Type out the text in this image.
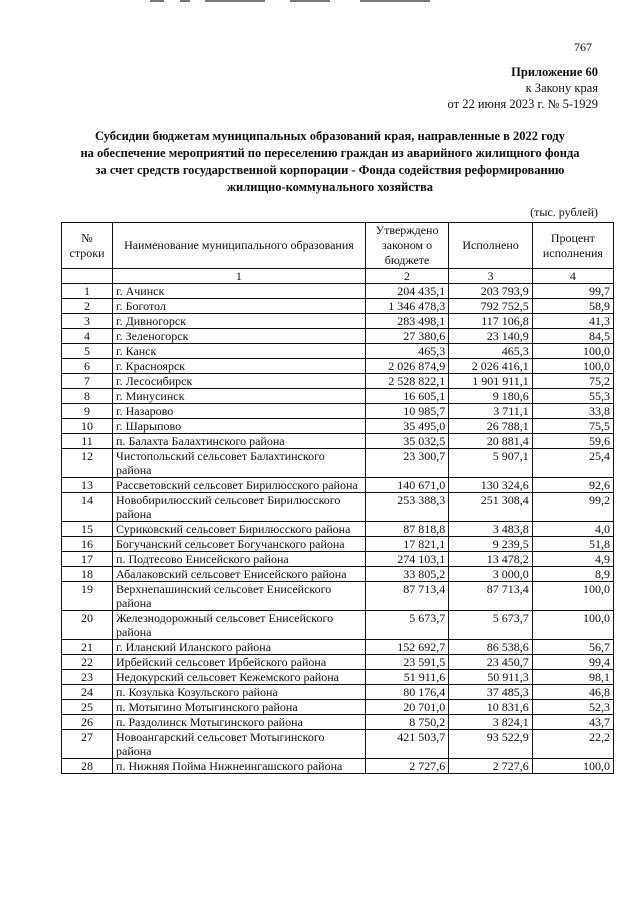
767
Приложение 60
к Закону края
от 22 июня 2023 г. № 5-1929
Субсидии бюджетам муниципальных образований края, направленные в 2022 году
на обеспечение мероприятий по переселению граждан из аварийного жилищного фонда
за счет средств государственной корпорации - Фонда содействия реформированию
жилищно-коммунального хозяйства
(тыс. рублей)
№ строки	Наименование муниципального образования	Утверждено законом о бюджете	Исполнено	Процент исполнения
	1	2	3	4
1	г. Ачинск	204 435,1	203 793,9	99,7
2	г. Боготол	1 346 478,3	792 752,5	58,9
3	г. Дивногорск	283 498,1	117 106,8	41,3
4	г. Зеленогорск	27 380,6	23 140,9	84,5
5	г. Канск	465,3	465,3	100,0
6	г. Красноярск	2 026 874,9	2 026 416,1	100,0
7	г. Лесосибирск	2 528 822,1	1 901 911,1	75,2
8	г. Минусинск	16 605,1	9 180,6	55,3
9	г. Назарово	10 985,7	3 711,1	33,8
10	г. Шарыпово	35 495,0	26 788,1	75,5
11	п. Балахта Балахтинского района	35 032,5	20 881,4	59,6
12	Чистопольский сельсовет Балахтинского района	23 300,7	5 907,1	25,4
13	Рассветовский сельсовет Бирилюсского района	140 671,0	130 324,6	92,6
14	Новобирилюсский сельсовет Бирилюсского района	253 388,3	251 308,4	99,2
15	Суриковский сельсовет Бирилюсского района	87 818,8	3 483,8	4,0
16	Богучанский сельсовет Богучанского района	17 821,1	9 239,5	51,8
17	п. Подтесово Енисейского района	274 103,1	13 478,2	4,9
18	Абалаковский сельсовет Енисейского района	33 805,2	3 000,0	8,9
19	Верхнепашинский сельсовет Енисейского района	87 713,4	87 713,4	100,0
20	Железнодорожный сельсовет Енисейского района	5 673,7	5 673,7	100,0
21	г. Иланский Иланского района	152 692,7	86 538,6	56,7
22	Ирбейский сельсовет Ирбейского района	23 591,5	23 450,7	99,4
23	Недокурский сельсовет Кежемского района	51 911,6	50 911,3	98,1
24	п. Козулька Козульского района	80 176,4	37 485,3	46,8
25	п. Мотыгино Мотыгинского района	20 701,0	10 831,6	52,3
26	п. Раздолинск Мотыгинского района	8 750,2	3 824,1	43,7
27	Новоангарский сельсовет Мотыгинского района	421 503,7	93 522,9	22,2
28	п. Нижняя Пойма Нижнеингашского района	2 727,6	2 727,6	100,0
